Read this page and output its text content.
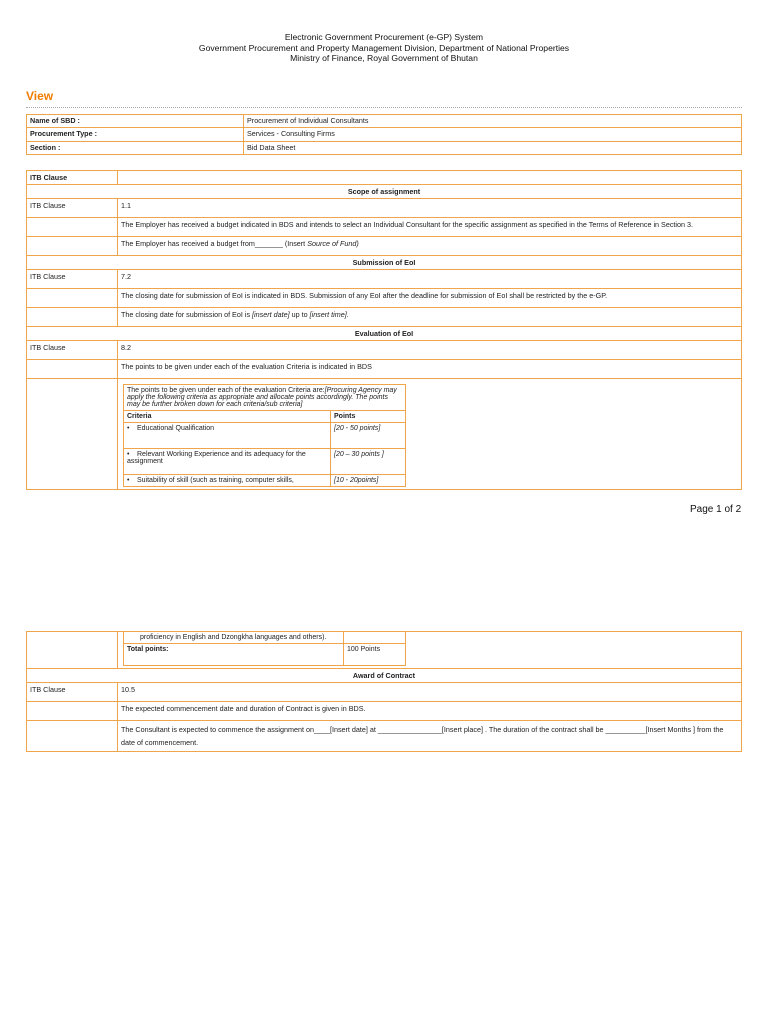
Electronic Government Procurement (e-GP) System
Government Procurement and Property Management Division, Department of National Properties
Ministry of Finance, Royal Government of Bhutan
View
Name of SBD :	Procurement of Individual Consultants
Procurement Type :	Services - Consulting Firms
Section :	Bid Data Sheet
ITB Clause	
Scope of assignment
ITB Clause	1.1
	The Employer has received a budget indicated in BDS and intends to select an Individual Consultant for the specific assignment as specified in the Terms of Reference in Section 3.
	The Employer has received a budget from_______ (Insert Source of Fund)
Submission of EoI
ITB Clause	7.2
	The closing date for submission of EoI is indicated in BDS. Submission of any EoI after the deadline for submission of EoI shall be restricted by the e-GP.
	The closing date for submission of EoI is [insert date] up to [insert time].
Evaluation of EoI
ITB Clause	8.2
	The points to be given under each of the evaluation Criteria is indicated in BDS

The points to be given under each of the evaluation Criteria are:[Procuring Agency may apply the following criteria as appropriate and allocate points accordingly. The points may be further broken down for each criteria/sub criteria]
Criteria	Points
• Educational Qualification	[20 - 50 points]
• Relevant Working Experience and its adequacy for the assignment	[20 – 30 points ]
• Suitability of skill (such as training, computer skills,	[10 - 20points]
Page 1 of 2

proficiency in English and Dzongkha languages and others).	
Total points:	100 Points

Award of Contract
ITB Clause	10.5
	The expected commencement date and duration of Contract is given in BDS.
	The Consultant is expected to commence the assignment on____[Insert date] at ________________[Insert place] . The duration of the contract shall be __________[Insert Months ] from the date of commencement.
